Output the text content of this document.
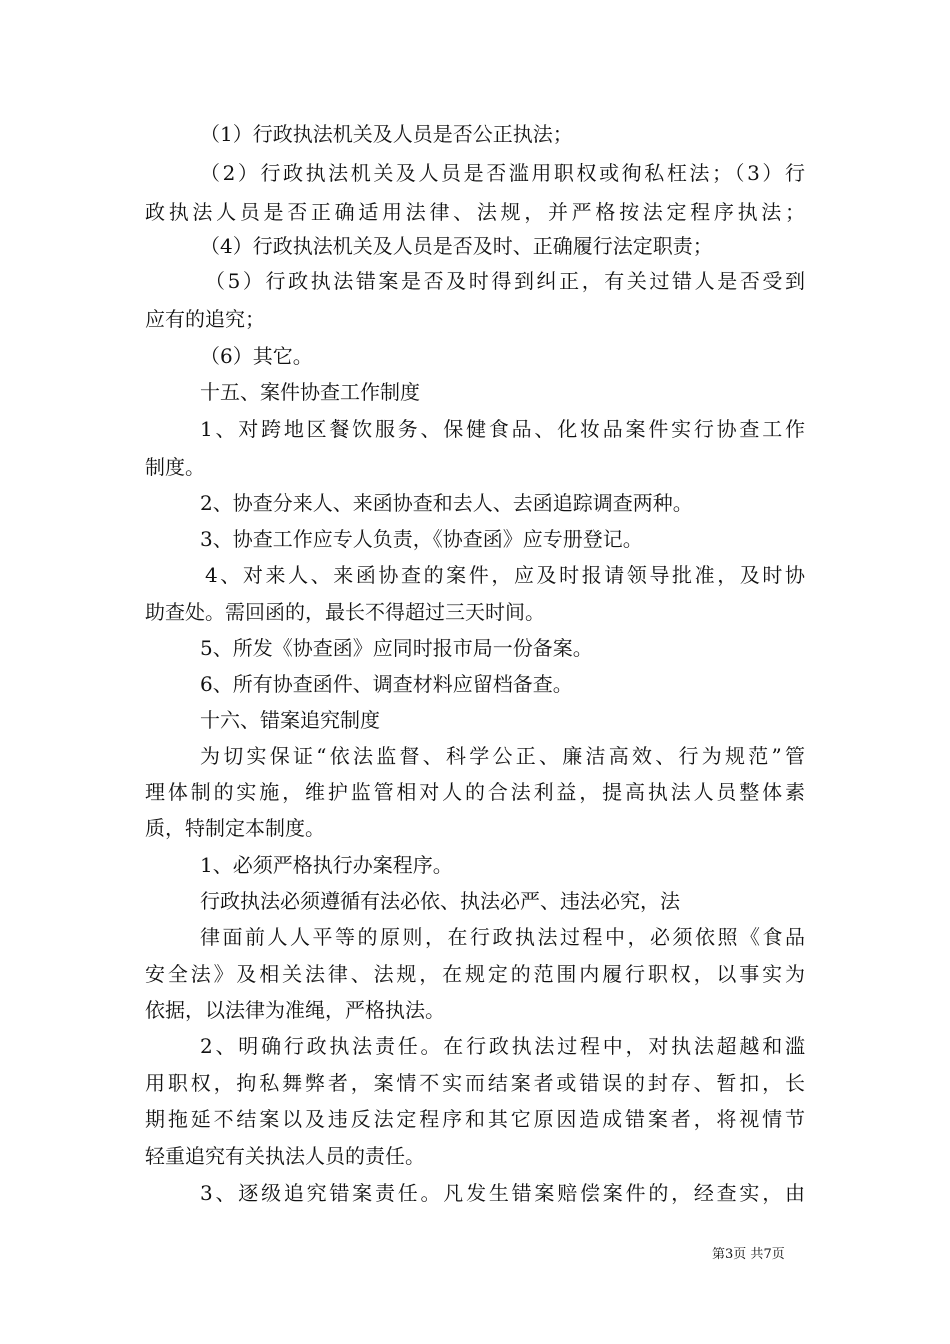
（1）行政执法机关及人员是否公正执法；
（2）行政执法机关及人员是否滥用职权或徇私枉法；（3）行
政执法人员是否正确适用法律、法规，并严格按法定程序执法；
（4）行政执法机关及人员是否及时、正确履行法定职责；
（5）行政执法错案是否及时得到纠正，有关过错人是否受到
应有的追究；
（6）其它。
十五、案件协查工作制度
1、对跨地区餐饮服务、保健食品、化妆品案件实行协查工作
制度。
2、协查分来人、来函协查和去人、去函追踪调查两种。
3、协查工作应专人负责，《协查函》应专册登记。
4、对来人、来函协查的案件，应及时报请领导批准，及时协
助查处。需回函的，最长不得超过三天时间。
5、所发《协查函》应同时报市局一份备案。
6、所有协查函件、调查材料应留档备查。
十六、错案追究制度
为切实保证“依法监督、科学公正、廉洁高效、行为规范”管
理体制的实施，维护监管相对人的合法利益，提高执法人员整体素
质，特制定本制度。
1、必须严格执行办案程序。
行政执法必须遵循有法必依、执法必严、违法必究，法
律面前人人平等的原则，在行政执法过程中，必须依照《食品
安全法》及相关法律、法规，在规定的范围内履行职权，以事实为
依据，以法律为准绳，严格执法。
2、明确行政执法责任。在行政执法过程中，对执法超越和滥
用职权，拘私舞弊者，案情不实而结案者或错误的封存、暂扣，长
期拖延不结案以及违反法定程序和其它原因造成错案者，将视情节
轻重追究有关执法人员的责任。
3、逐级追究错案责任。凡发生错案赔偿案件的，经查实，由
第3页 共7页
